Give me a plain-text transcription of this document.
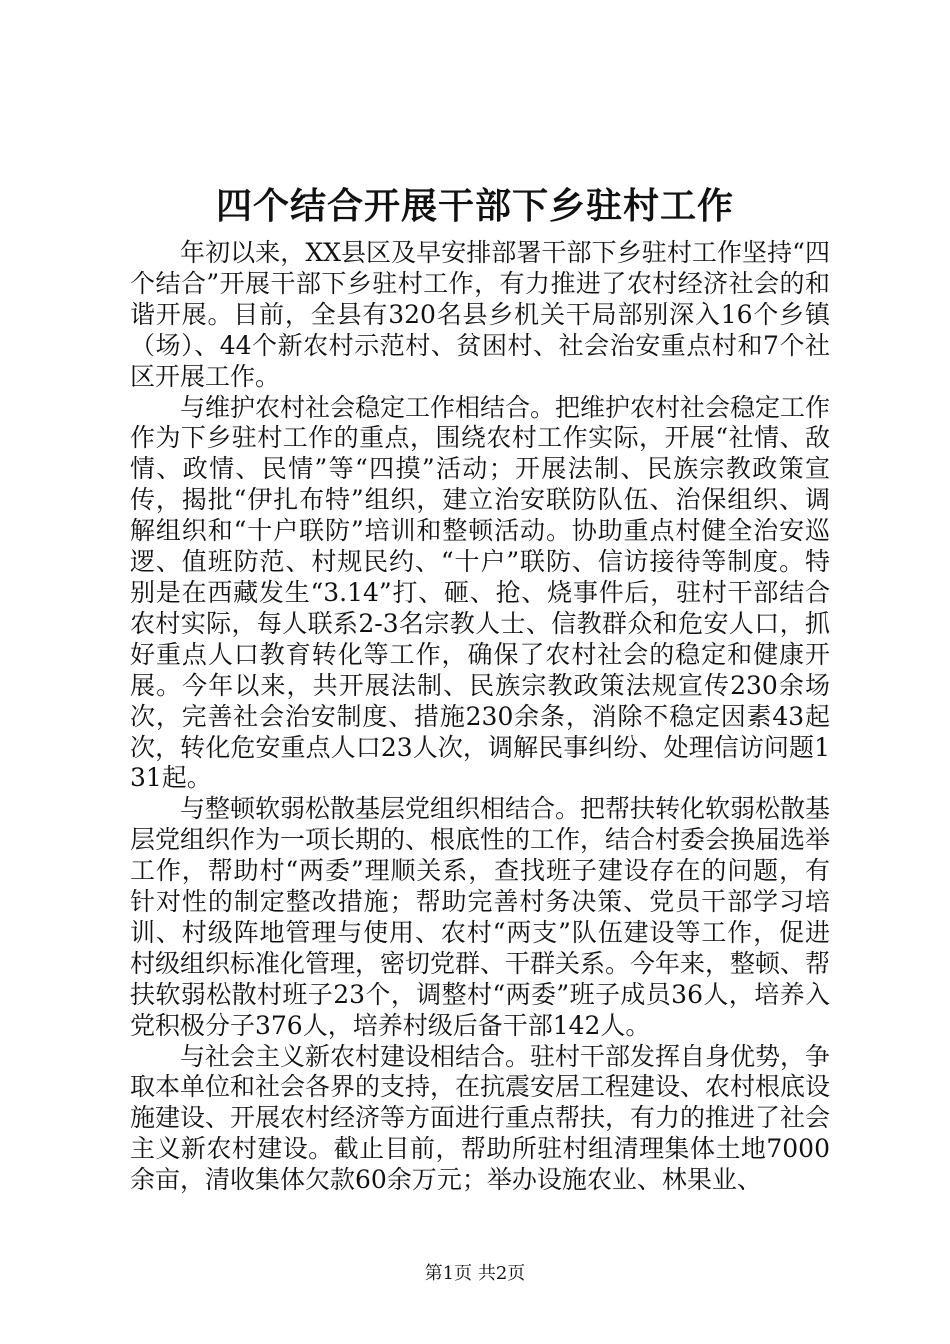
四个结合开展干部下乡驻村工作

年初以来，XX县区及早安排部署干部下乡驻村工作坚持“四个结合”开展干部下乡驻村工作，有力推进了农村经济社会的和谐开展。目前，全县有320名县乡机关干局部别深入16个乡镇（场）、44个新农村示范村、贫困村、社会治安重点村和7个社区开展工作。

与维护农村社会稳定工作相结合。把维护农村社会稳定工作作为下乡驻村工作的重点，围绕农村工作实际，开展“社情、敌情、政情、民情”等“四摸”活动；开展法制、民族宗教政策宣传，揭批“伊扎布特”组织，建立治安联防队伍、治保组织、调解组织和“十户联防”培训和整顿活动。协助重点村健全治安巡逻、值班防范、村规民约、“十户”联防、信访接待等制度。特别是在西藏发生“3.14”打、砸、抢、烧事件后，驻村干部结合农村实际，每人联系2-3名宗教人士、信教群众和危安人口，抓好重点人口教育转化等工作，确保了农村社会的稳定和健康开展。今年以来，共开展法制、民族宗教政策法规宣传230余场次，完善社会治安制度、措施230余条，消除不稳定因素43起次，转化危安重点人口23人次，调解民事纠纷、处理信访问题131起。

与整顿软弱松散基层党组织相结合。把帮扶转化软弱松散基层党组织作为一项长期的、根底性的工作，结合村委会换届选举工作，帮助村“两委”理顺关系，查找班子建设存在的问题，有针对性的制定整改措施；帮助完善村务决策、党员干部学习培训、村级阵地管理与使用、农村“两支”队伍建设等工作，促进村级组织标准化管理，密切党群、干群关系。今年来，整顿、帮扶软弱松散村班子23个，调整村“两委”班子成员36人，培养入党积极分子376人，培养村级后备干部142人。

与社会主义新农村建设相结合。驻村干部发挥自身优势，争取本单位和社会各界的支持，在抗震安居工程建设、农村根底设施建设、开展农村经济等方面进行重点帮扶，有力的推进了社会主义新农村建设。截止目前，帮助所驻村组清理集体土地7000余亩，清收集体欠款60余万元；举办设施农业、林果业、

第1页 共2页
